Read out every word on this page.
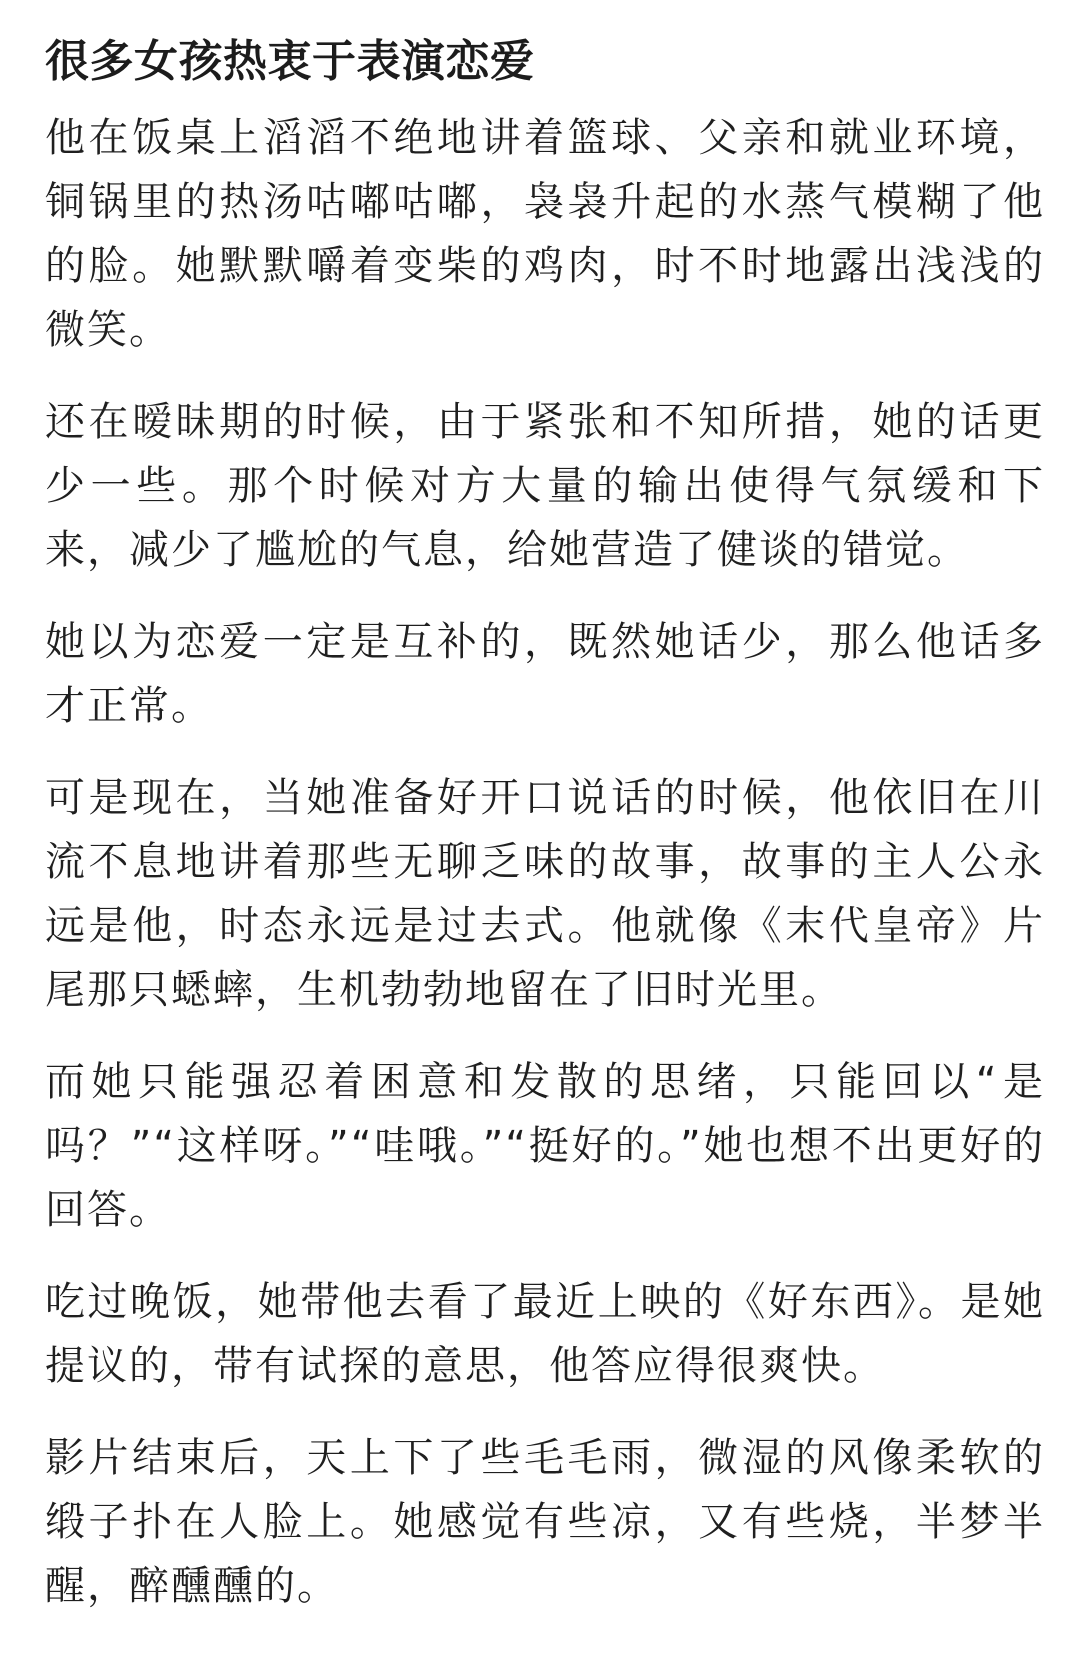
很多女孩热衷于表演恋爱

他在饭桌上滔滔不绝地讲着篮球、父亲和就业环境，铜锅里的热汤咕嘟咕嘟，袅袅升起的水蒸气模糊了他的脸。她默默嚼着变柴的鸡肉，时不时地露出浅浅的微笑。

还在暧昧期的时候，由于紧张和不知所措，她的话更少一些。那个时候对方大量的输出使得气氛缓和下来，减少了尴尬的气息，给她营造了健谈的错觉。

她以为恋爱一定是互补的，既然她话少，那么他话多才正常。

可是现在，当她准备好开口说话的时候，他依旧在川流不息地讲着那些无聊乏味的故事，故事的主人公永远是他，时态永远是过去式。他就像《末代皇帝》片尾那只蟋蟀，生机勃勃地留在了旧时光里。

而她只能强忍着困意和发散的思绪，只能回以“是吗？”“这样呀。”“哇哦。”“挺好的。”她也想不出更好的回答。

吃过晚饭，她带他去看了最近上映的《好东西》。是她提议的，带有试探的意思，他答应得很爽快。

影片结束后，天上下了些毛毛雨，微湿的风像柔软的缎子扑在人脸上。她感觉有些凉，又有些烧，半梦半醒，醉醺醺的。
